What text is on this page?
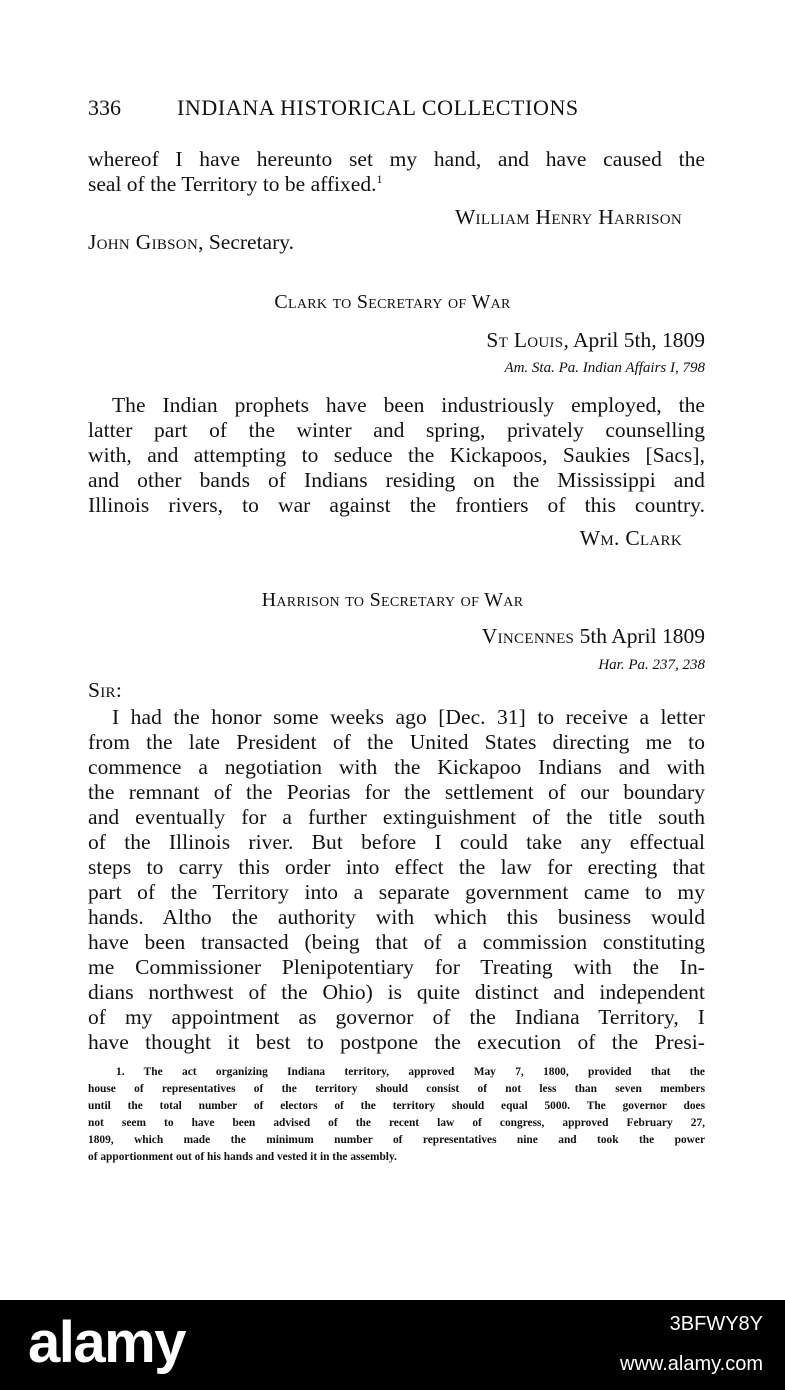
336	INDIANA HISTORICAL COLLECTIONS
whereof I have hereunto set my hand, and have caused the
seal of the Territory to be affixed.$^1$
William Henry Harrison
John Gibson, Secretary.
Clark to Secretary of War
St Louis, April 5th, 1809
Am. Sta. Pa. Indian Affairs I, 798
The Indian prophets have been industriously employed, the
latter part of the winter and spring, privately counselling
with, and attempting to seduce the Kickapoos, Saukies [Sacs],
and other bands of Indians residing on the Mississippi and
Illinois rivers, to war against the frontiers of this country.
Wm. Clark
Harrison to Secretary of War
Vincennes 5th April 1809
Har. Pa. 237, 238
Sir:
I had the honor some weeks ago [Dec. 31] to receive a letter
from the late President of the United States directing me to
commence a negotiation with the Kickapoo Indians and with
the remnant of the Peorias for the settlement of our boundary
and eventually for a further extinguishment of the title south
of the Illinois river. But before I could take any effectual
steps to carry this order into effect the law for erecting that
part of the Territory into a separate government came to my
hands. Altho the authority with which this business would
have been transacted (being that of a commission constituting
me Commissioner Plenipotentiary for Treating with the In-
dians northwest of the Ohio) is quite distinct and independent
of my appointment as governor of the Indiana Territory, I
have thought it best to postpone the execution of the Presi-
1. The act organizing Indiana territory, approved May 7, 1800, provided that the
house of representatives of the territory should consist of not less than seven members
until the total number of electors of the territory should equal 5000. The governor does
not seem to have been advised of the recent law of congress, approved February 27,
1809, which made the minimum number of representatives nine and took the power
of apportionment out of his hands and vested it in the assembly.
alamy	3BFWY8Y
www.alamy.com
